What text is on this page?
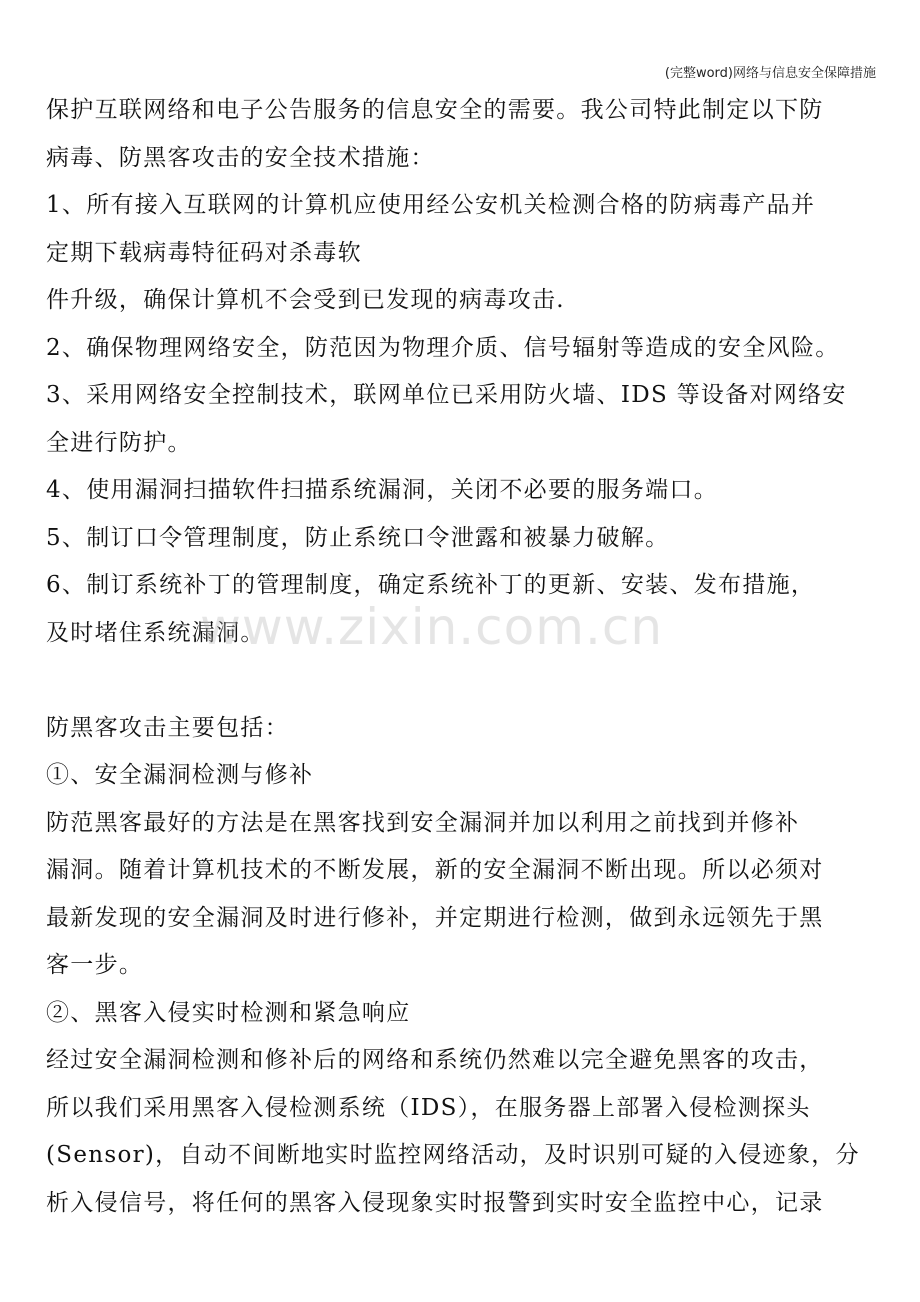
(完整word)网络与信息安全保障措施
保护互联网络和电子公告服务的信息安全的需要。我公司特此制定以下防
病毒、防黑客攻击的安全技术措施：
1、所有接入互联网的计算机应使用经公安机关检测合格的防病毒产品并
定期下载病毒特征码对杀毒软
件升级，确保计算机不会受到已发现的病毒攻击.
2、确保物理网络安全，防范因为物理介质、信号辐射等造成的安全风险。
3、采用网络安全控制技术，联网单位已采用防火墙、IDS 等设备对网络安
全进行防护。
4、使用漏洞扫描软件扫描系统漏洞，关闭不必要的服务端口。
5、制订口令管理制度，防止系统口令泄露和被暴力破解。
6、制订系统补丁的管理制度，确定系统补丁的更新、安装、发布措施，
及时堵住系统漏洞。
防黑客攻击主要包括：
①、安全漏洞检测与修补
防范黑客最好的方法是在黑客找到安全漏洞并加以利用之前找到并修补
漏洞。随着计算机技术的不断发展，新的安全漏洞不断出现。所以必须对
最新发现的安全漏洞及时进行修补，并定期进行检测，做到永远领先于黑
客一步。
②、黑客入侵实时检测和紧急响应
经过安全漏洞检测和修补后的网络和系统仍然难以完全避免黑客的攻击，
所以我们采用黑客入侵检测系统（IDS），在服务器上部署入侵检测探头
(Sensor)，自动不间断地实时监控网络活动，及时识别可疑的入侵迹象，分
析入侵信号，将任何的黑客入侵现象实时报警到实时安全监控中心，记录
www.zixin.com.cn
